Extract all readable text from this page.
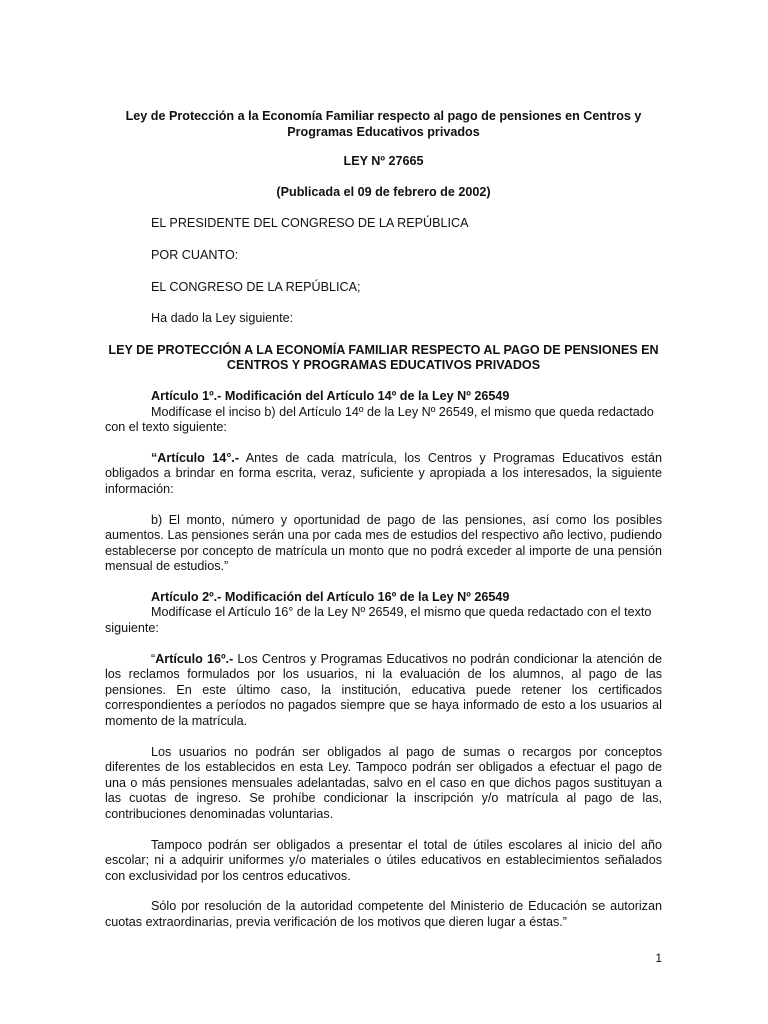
Ley de Protección a la Economía Familiar respecto al pago de pensiones en Centros y Programas Educativos privados

LEY Nº 27665

(Publicada el 09 de febrero de 2002)

EL PRESIDENTE DEL CONGRESO DE LA REPÚBLICA

POR CUANTO:

EL CONGRESO DE LA REPÚBLICA;

Ha dado la Ley siguiente:

LEY DE PROTECCIÓN A LA ECONOMÍA FAMILIAR RESPECTO AL PAGO DE PENSIONES EN CENTROS Y PROGRAMAS EDUCATIVOS PRIVADOS

Artículo 1º.- Modificación del Artículo 14º de la Ley Nº 26549

Modifícase el inciso b) del Artículo 14º de la Ley Nº 26549, el mismo que queda redactado con el texto siguiente:

“Artículo 14°.- Antes de cada matrícula, los Centros y Programas Educativos están obligados a brindar en forma escrita, veraz, suficiente y apropiada a los interesados, la siguiente información:

b) El monto, número y oportunidad de pago de las pensiones, así como los posibles aumentos. Las pensiones serán una por cada mes de estudios del respectivo año lectivo, pudiendo establecerse por concepto de matrícula un monto que no podrá exceder al importe de una pensión mensual de estudios.”

Artículo 2º.- Modificación del Artículo 16º de la Ley Nº 26549

Modifícase el Artículo 16° de la Ley Nº 26549, el mismo que queda redactado con el texto siguiente:

“Artículo 16º.- Los Centros y Programas Educativos no podrán condicionar la atención de los reclamos formulados por los usuarios, ni la evaluación de los alumnos, al pago de las pensiones. En este último caso, la institución, educativa puede retener los certificados correspondientes a períodos no pagados siempre que se haya informado de esto a los usuarios al momento de la matrícula.

Los usuarios no podrán ser obligados al pago de sumas o recargos por conceptos diferentes de los establecidos en esta Ley. Tampoco podrán ser obligados a efectuar el pago de una o más pensiones mensuales adelantadas, salvo en el caso en que dichos pagos sustituyan a las cuotas de ingreso. Se prohíbe condicionar la inscripción y/o matrícula al pago de las, contribuciones denominadas voluntarias.

Tampoco podrán ser obligados a presentar el total de útiles escolares al inicio del año escolar; ni a adquirir uniformes y/o materiales o útiles educativos en establecimientos señalados con exclusividad por los centros educativos.

Sólo por resolución de la autoridad competente del Ministerio de Educación se autorizan cuotas extraordinarias, previa verificación de los motivos que dieren lugar a éstas.”

1
